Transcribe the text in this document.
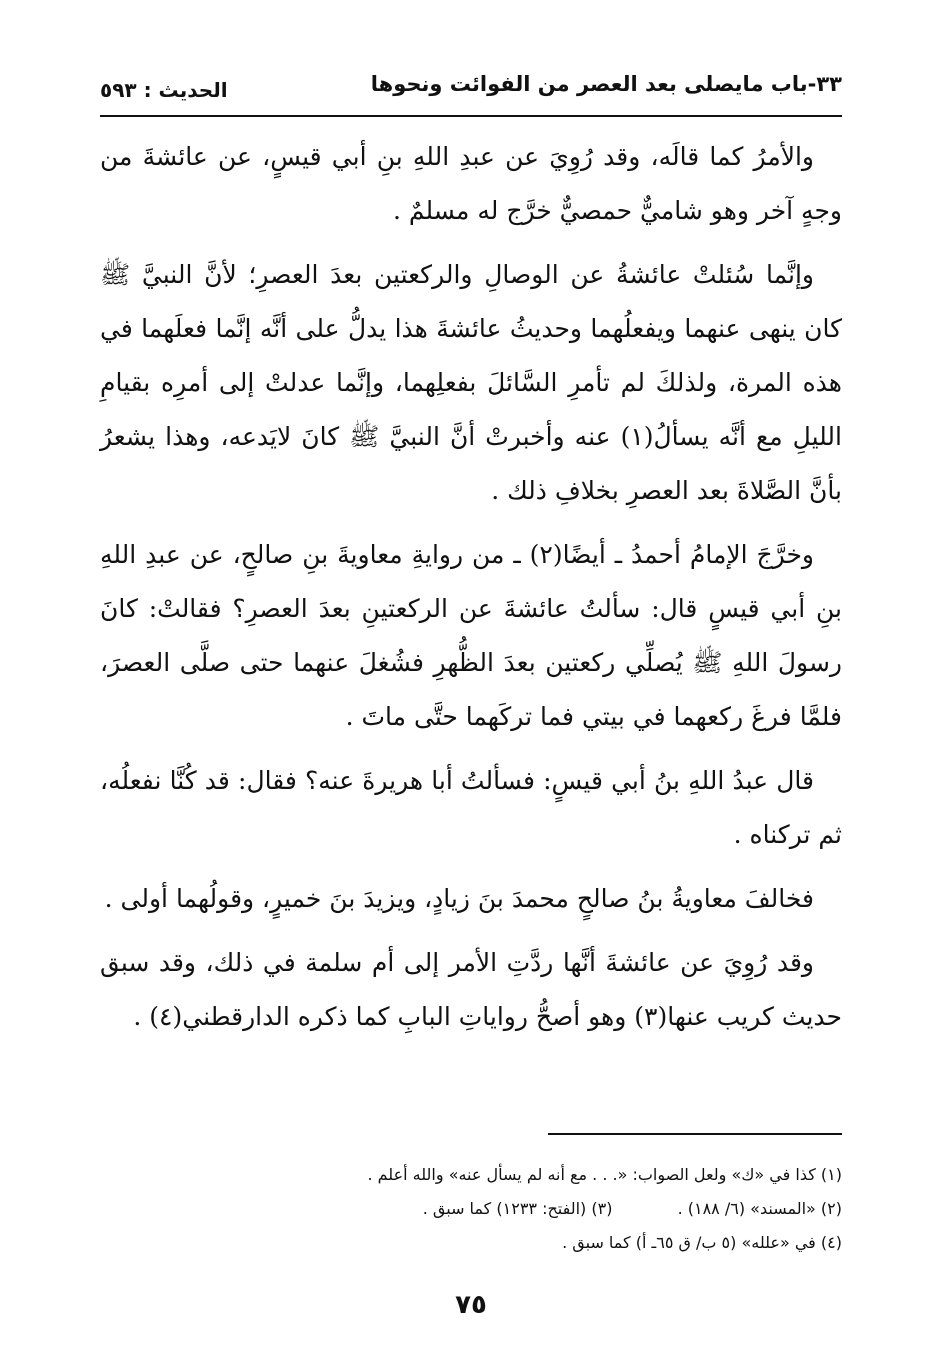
٣٣-باب مايصلى بعد العصر من الفوائت ونحوها
الحديث : ٥٩٣

والأمرُ كما قالَه، وقد رُوِيَ عن عبدِ اللهِ بنِ أبي قيسٍ، عن عائشةَ من وجهٍ آخر وهو شاميٌّ حمصيٌّ خرَّج له مسلمٌ .

وإنَّما سُئلتْ عائشةُ عن الوصالِ والركعتين بعدَ العصرِ؛ لأنَّ النبيَّ ﷺ كان ينهى عنهما ويفعلُهما وحديثُ عائشةَ هذا يدلُّ على أنَّه إنَّما فعلَهما في هذه المرة، ولذلكَ لم تأمرِ السَّائلَ بفعلِهما، وإنَّما عدلتْ إلى أمرِه بقيامِ الليلِ مع أنَّه يسألُ(١) عنه وأخبرتْ أنَّ النبيَّ ﷺ كانَ لايَدعه، وهذا يشعرُ بأنَّ الصَّلاةَ بعد العصرِ بخلافِ ذلك .

وخرَّجَ الإمامُ أحمدُ ـ أيضًا(٢) ـ من روايةِ معاويةَ بنِ صالحٍ، عن عبدِ اللهِ بنِ أبي قيسٍ قال: سألتُ عائشةَ عن الركعتينِ بعدَ العصرِ؟ فقالتْ: كانَ رسولَ اللهِ ﷺ يُصلِّي ركعتين بعدَ الظُّهرِ فشُغلَ عنهما حتى صلَّى العصرَ، فلمَّا فرغَ ركعهما في بيتي فما تركَهما حتَّى ماتَ .

قال عبدُ اللهِ بنُ أبي قيسٍ: فسألتُ أبا هريرةَ عنه؟ فقال: قد كُنَّا نفعلُه، ثم تركناه .

فخالفَ معاويةُ بنُ صالحٍ محمدَ بنَ زيادٍ، ويزيدَ بنَ خميرٍ، وقولُهما أولى .

وقد رُوِيَ عن عائشةَ أنَّها ردَّتِ الأمر إلى أم سلمة في ذلك، وقد سبق حديث كريب عنها(٣) وهو أصحُّ رواياتِ البابِ كما ذكره الدارقطني(٤) .

(١) كذا في «ك» ولعل الصواب: «. . . مع أنه لم يسأل عنه» والله أعلم .
(٢) «المسند» (٦/ ١٨٨) . (٣) (الفتح: ١٢٣٣) كما سبق .
(٤) في «علله» (٥ ب/ ق ٦٥ـ أ) كما سبق .
٧٥
